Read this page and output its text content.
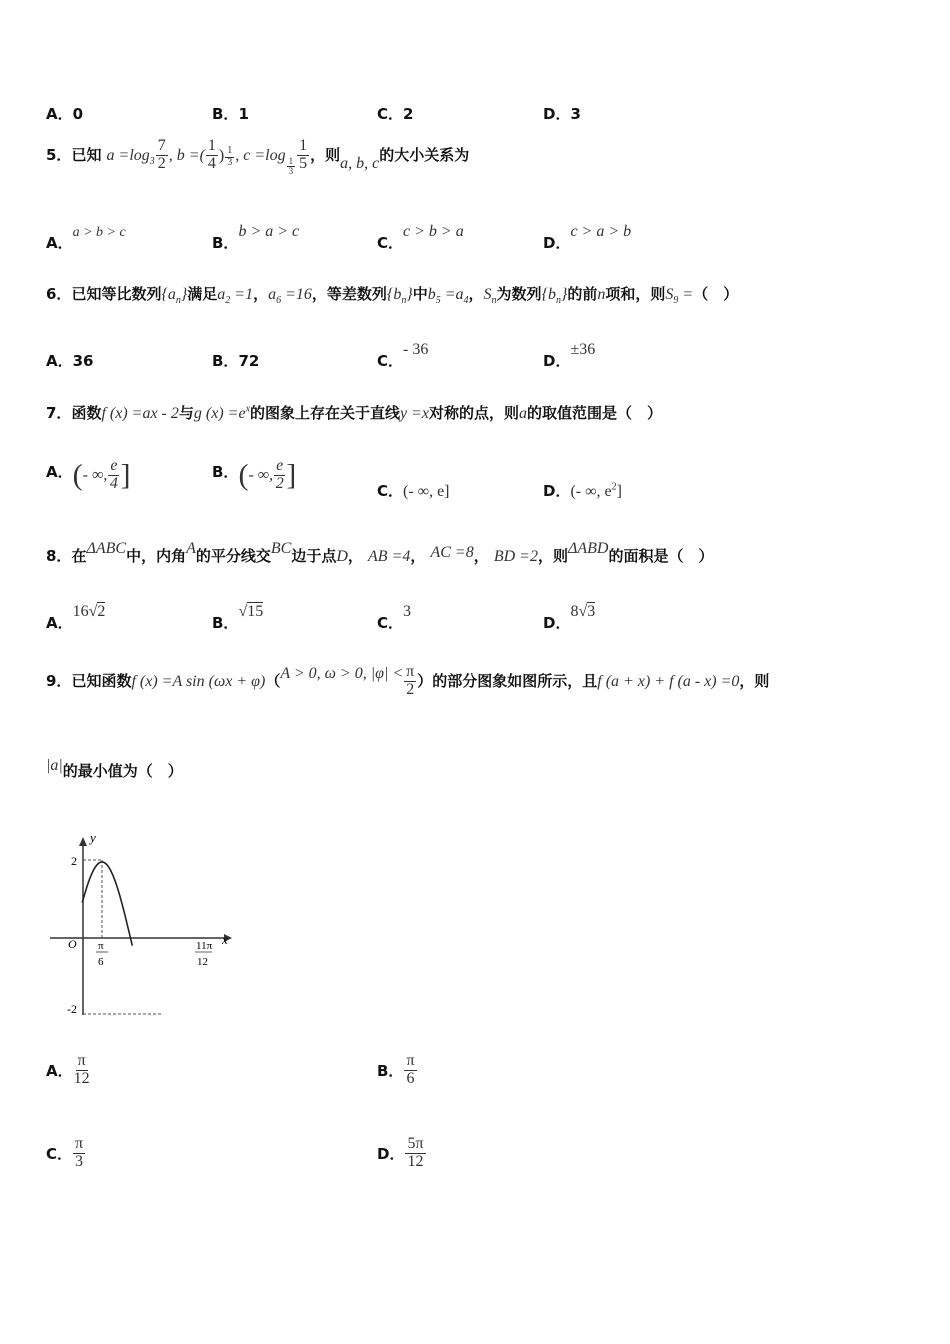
A．0	B．1	C．2	D．3
5．已知 $a =\log_3 \frac{7}{2}$ , b =( $\frac{1}{4}$ ) $\frac{1}{3}$ , c =log
$\frac{1}{3} \frac{1}{5}$ ，则a, b, c的大小关系为
A．a > b > c
B．b > a > c
C．c > b > a
D．c > a > b
6．已知等比数列$\{a_n\}$满足$a_2 =1$，$a_6 =16$，等差数列$\{b_n\}$中$b_5 =a_4$，$S_n$为数列$\{b_n\}$的前n项和，则$S_9$ =（　）
A．36	B．72	C．- 36
D．±36
7．函数f (x) =ax - 2与g $(x) =e^x$的图象上存在关于直线y =x对称的点，则a的取值范围是（　）
A．(- ∞, $\frac{e}{4}$ ]	B．(- ∞, $\frac{e}{2}$ ]	C．(- ∞, e]	D．(- ∞, $e^2$]
8．在ΔABC中，内角A的平分线交BC边于点D， AB =4， AC =8， BD =2，则ΔABD的面积是（　）
A．16√2
B．√15
C．3
D．8√3
9．已知函数f (x) =A sin (ωx + φ)（A > 0, ω > 0, $|\varphi| < \frac{\pi}{2}$ ）的部分图象如图所示，且f (a + x) + f (a - x) =0，则
|a|的最小值为（　）
y
x
O
2
-2
π
6
11π
12
A． $\frac{\pi}{12}$	B． $\frac{\pi}{6}$
C． $\frac{\pi}{3}$	D． $\frac{5\pi}{12}$
